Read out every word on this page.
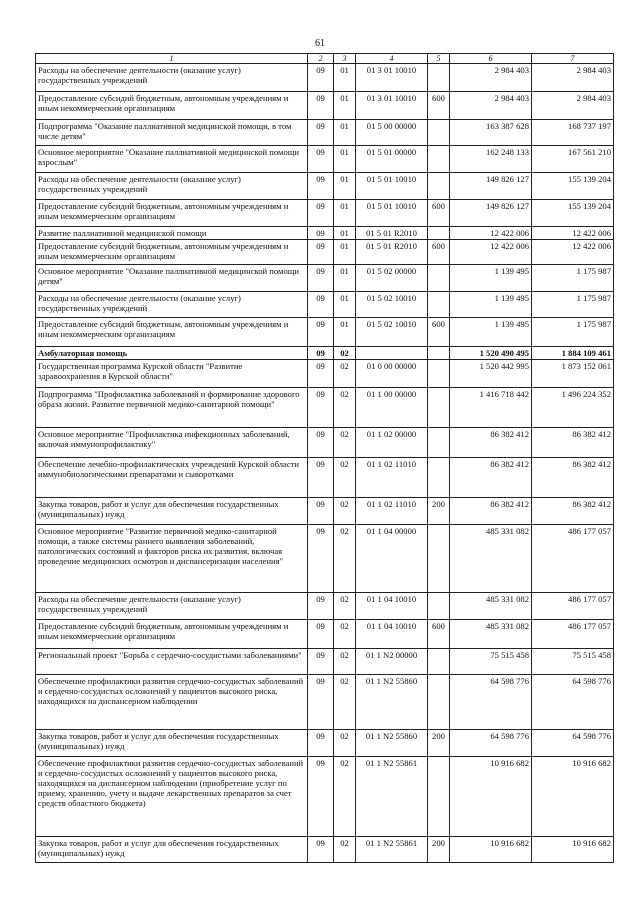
61
1	2	3	4	5	6	7
Расходы на обеспечение деятельности (оказание услуг) государственных учреждений	09	01	01 3 01 10010		2 984 403	2 984 403
Предоставление субсидий бюджетным, автономным учреждениям и иным некоммерческим организациям	09	01	01 3 01 10010	600	2 984 403	2 984 403
Подпрограмма "Оказание паллиативной медицинской помощи, в том числе детям"	09	01	01 5 00 00000		163 387 628	168 737 197
Основное мероприятие "Оказание паллиативной медицинской помощи взрослым"	09	01	01 5 01 00000		162 248 133	167 561 210
Расходы на обеспечение деятельности (оказание услуг) государственных учреждений	09	01	01 5 01 10010		149 826 127	155 139 204
Предоставление субсидий бюджетным, автономным учреждениям и иным некоммерческим организациям	09	01	01 5 01 10010	600	149 826 127	155 139 204
Развитие паллиативной медицинской помощи	09	01	01 5 01 R2010		12 422 006	12 422 006
Предоставление субсидий бюджетным, автономным учреждениям и иным некоммерческим организациям	09	01	01 5 01 R2010	600	12 422 006	12 422 006
Основное мероприятие "Оказание паллиативной медицинской помощи детям"	09	01	01 5 02 00000		1 139 495	1 175 987
Расходы на обеспечение деятельности (оказание услуг) государственных учреждений	09	01	01 5 02 10010		1 139 495	1 175 987
Предоставление субсидий бюджетным, автономным учреждениям и иным некоммерческим организациям	09	01	01 5 02 10010	600	1 139 495	1 175 987
Амбулаторная помощь	09	02			1 520 490 495	1 884 109 461
Государственная программа Курской области "Развитие здравоохранения в Курской области"	09	02	01 0 00 00000		1 520 442 995	1 873 152 061
Подпрограмма "Профилактика заболеваний и формирование здорового образа жизни. Развитие первичной медико-санитарной помощи"	09	02	01 1 00 00000		1 416 718 442	1 496 224 352
Основное мероприятие "Профилактика инфекционных заболеваний, включая иммунопрофилактику"	09	02	01 1 02 00000		86 382 412	86 382 412
Обеспечение лечебно-профилактических учреждений Курской области иммунобиологическими препаратами и сыворотками	09	02	01 1 02 11010		86 382 412	86 382 412
Закупка товаров, работ и услуг для обеспечения государственных (муниципальных) нужд	09	02	01 1 02 11010	200	86 382 412	86 382 412
Основное мероприятие "Развитие первичной медико-санитарной помощи, а также системы раннего выявления заболеваний, патологических состояний и факторов риска их развития, включая проведение медицинских осмотров и диспансеризации населения"	09	02	01 1 04 00000		485 331 082	486 177 057
Расходы на обеспечение деятельности (оказание услуг) государственных учреждений	09	02	01 1 04 10010		485 331 082	486 177 057
Предоставление субсидий бюджетным, автономным учреждениям и иным некоммерческим организациям	09	02	01 1 04 10010	600	485 331 082	486 177 057
Региональный проект "Борьба с сердечно-сосудистыми заболеваниями"	09	02	01 1 N2 00000		75 515 458	75 515 458
Обеспечение профилактики развития сердечно-сосудистых заболеваний и сердечно-сосудистых осложнений у пациентов высокого риска, находящихся на диспансерном наблюдении	09	02	01 1 N2 55860		64 598 776	64 598 776
Закупка товаров, работ и услуг для обеспечения государственных (муниципальных) нужд	09	02	01 1 N2 55860	200	64 598 776	64 598 776
Обеспечение профилактики развития сердечно-сосудистых заболеваний и сердечно-сосудистых осложнений у пациентов высокого риска, находящихся на диспансерном наблюдении (приобретение услуг по приему, хранению, учету и выдаче лекарственных препаратов за счет средств областного бюджета)	09	02	01 1 N2 55861		10 916 682	10 916 682
Закупка товаров, работ и услуг для обеспечения государственных (муниципальных) нужд	09	02	01 1 N2 55861	200	10 916 682	10 916 682
